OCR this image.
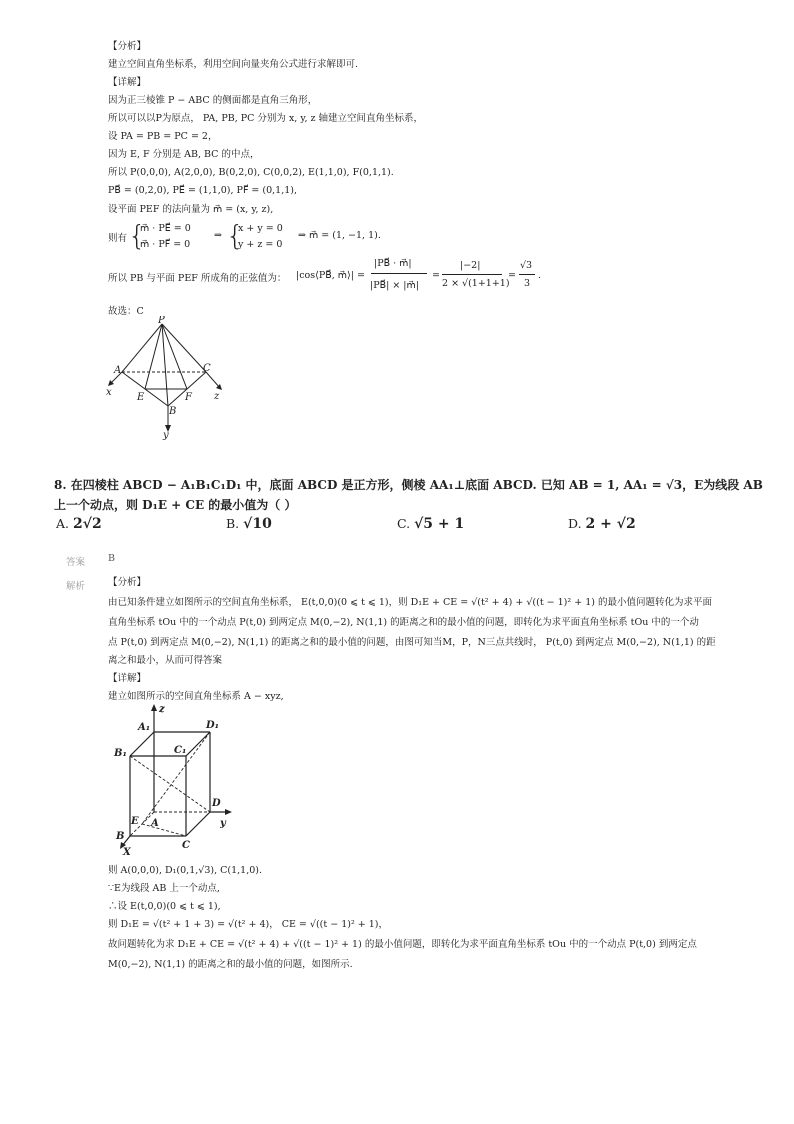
【分析】
建立空间直角坐标系，利用空间向量夹角公式进行求解即可.
【详解】
因为正三棱锥 P − ABC 的侧面都是直角三角形，
所以可以以P为原点， PA, PB, PC 分别为 x, y, z 轴建立空间直角坐标系，
设 PA = PB = PC = 2，
因为 E, F 分别是 AB, BC 的中点，
所以 P(0,0,0), A(2,0,0), B(0,2,0), C(0,0,2), E(1,1,0), F(0,1,1).
PB⃗ = (0,2,0), PE⃗ = (1,1,0), PF⃗ = (0,1,1),
设平面 PEF 的法向量为 m⃗ = (x, y, z),
则有 {
m⃗ · PE⃗ = 0
m⃗ · PF⃗ = 0
⇒ {
x + y = 0
y + z = 0
⇒ m⃗ = (1, −1, 1).
所以 PB 与平面 PEF 所成角的正弦值为： |cos⟨PB⃗, m⃗⟩| =
|PB⃗ · m⃗|
|PB⃗| × |m⃗|
=
|−2|
2 × √(1+1+1)
=
√3
3
.
故选：C
P
A	C
x	E	F
B
z
y
8. 在四棱柱 ABCD − A₁B₁C₁D₁ 中，底面 ABCD 是正方形，侧棱 AA₁⊥底面 ABCD. 已知 AB = 1, AA₁ = √3，E为线段 AB
上一个动点，则 D₁E + CE 的最小值为（ ）
A. 2√2	B. √10	C. √5 + 1	D. 2 + √2
答案 B
解析 【分析】
由已知条件建立如图所示的空间直角坐标系， E(t,0,0)(0 ⩽ t ⩽ 1)，则 D₁E + CE = √(t² + 4) + √((t − 1)² + 1) 的最小值问题转化为求平面
直角坐标系 tOu 中的一个动点 P(t,0) 到两定点 M(0,−2), N(1,1) 的距离之和的最小值的问题，即转化为求平面直角坐标系 tOu 中的一个动
点 P(t,0) 到两定点 M(0,−2), N(1,1) 的距离之和的最小值的问题，由图可知当M，P，N三点共线时， P(t,0) 到两定点 M(0,−2), N(1,1) 的距
离之和最小，从而可得答案
【详解】
建立如图所示的空间直角坐标系 A − xyz,
z
A₁	D₁
B₁	C₁
D
y
E A
B
X
C
则 A(0,0,0), D₁(0,1,√3), C(1,1,0).
∵E为线段 AB 上一个动点,
∴设 E(t,0,0)(0 ⩽ t ⩽ 1),
则 D₁E = √(t² + 1 + 3) = √(t² + 4)， CE = √((t − 1)² + 1)，
故问题转化为求 D₁E + CE = √(t² + 4) + √((t − 1)² + 1) 的最小值问题，即转化为求平面直角坐标系 tOu 中的一个动点 P(t,0) 到两定点
M(0,−2), N(1,1) 的距离之和的最小值的问题，如图所示.
